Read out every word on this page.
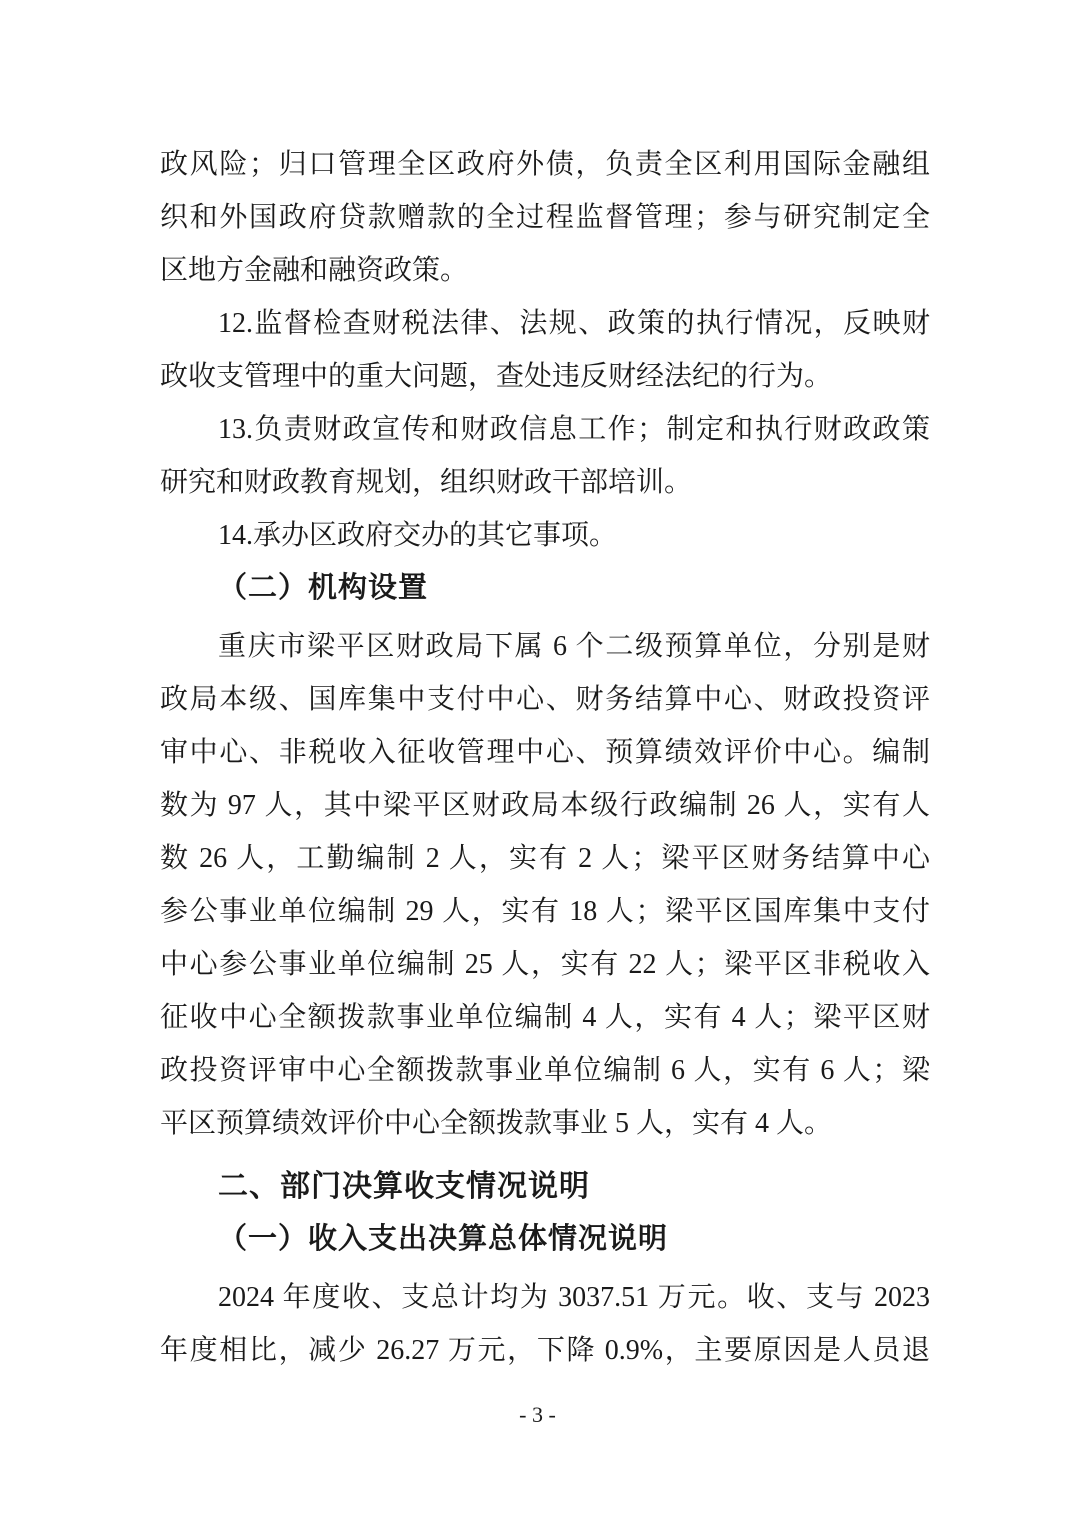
政风险；归口管理全区政府外债，负责全区利用国际金融组
织和外国政府贷款赠款的全过程监督管理；参与研究制定全
区地方金融和融资政策。
12.监督检查财税法律、法规、政策的执行情况，反映财
政收支管理中的重大问题，查处违反财经法纪的行为。
13.负责财政宣传和财政信息工作；制定和执行财政政策
研究和财政教育规划，组织财政干部培训。
14.承办区政府交办的其它事项。
（二）机构设置
重庆市梁平区财政局下属 6 个二级预算单位，分别是财
政局本级、国库集中支付中心、财务结算中心、财政投资评
审中心、非税收入征收管理中心、预算绩效评价中心。编制
数为 97 人，其中梁平区财政局本级行政编制 26 人，实有人
数 26 人，工勤编制 2 人，实有 2 人；梁平区财务结算中心
参公事业单位编制 29 人，实有 18 人；梁平区国库集中支付
中心参公事业单位编制 25 人，实有 22 人；梁平区非税收入
征收中心全额拨款事业单位编制 4 人，实有 4 人；梁平区财
政投资评审中心全额拨款事业单位编制 6 人，实有 6 人；梁
平区预算绩效评价中心全额拨款事业 5 人，实有 4 人。
二、部门决算收支情况说明
（一）收入支出决算总体情况说明
2024 年度收、支总计均为 3037.51 万元。收、支与 2023
年度相比，减少 26.27 万元，下降 0.9%，主要原因是人员退
- 3 -
